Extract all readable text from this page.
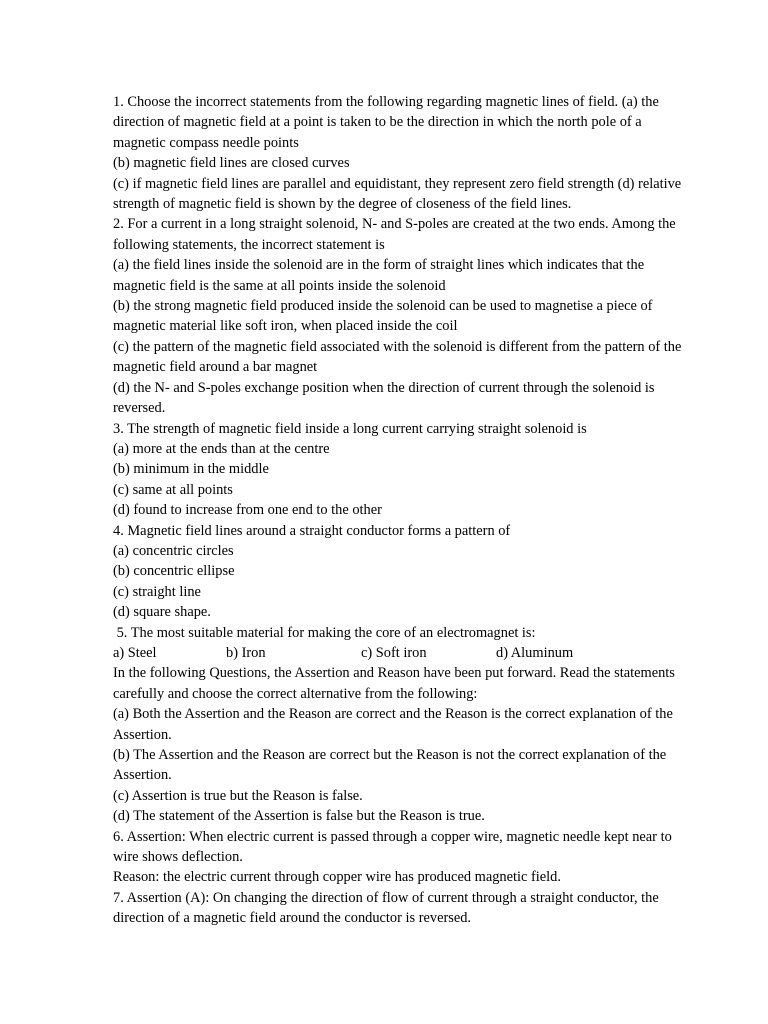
1. Choose the incorrect statements from the following regarding magnetic lines of field. (a) the direction of magnetic field at a point is taken to be the direction in which the north pole of a magnetic compass needle points

(b) magnetic field lines are closed curves

(c) if magnetic field lines are parallel and equidistant, they represent zero field strength (d) relative strength of magnetic field is shown by the degree of closeness of the field lines.

2. For a current in a long straight solenoid, N- and S-poles are created at the two ends. Among the following statements, the incorrect statement is

(a) the field lines inside the solenoid are in the form of straight lines which indicates that the magnetic field is the same at all points inside the solenoid

(b) the strong magnetic field produced inside the solenoid can be used to magnetise a piece of magnetic material like soft iron, when placed inside the coil

(c) the pattern of the magnetic field associated with the solenoid is different from the pattern of the magnetic field around a bar magnet

(d) the N- and S-poles exchange position when the direction of current through the solenoid is reversed.

3. The strength of magnetic field inside a long current carrying straight solenoid is

(a) more at the ends than at the centre

(b) minimum in the middle

(c) same at all points

(d) found to increase from one end to the other

4. Magnetic field lines around a straight conductor forms a pattern of

(a) concentric circles

(b) concentric ellipse

(c) straight line

(d) square shape.

5. The most suitable material for making the core of an electromagnet is:

a) Steel	b) Iron	c) Soft iron	d) Aluminum

In the following Questions, the Assertion and Reason have been put forward. Read the statements carefully and choose the correct alternative from the following:

(a) Both the Assertion and the Reason are correct and the Reason is the correct explanation of the Assertion.

(b) The Assertion and the Reason are correct but the Reason is not the correct explanation of the Assertion.

(c) Assertion is true but the Reason is false.

(d) The statement of the Assertion is false but the Reason is true.

6. Assertion: When electric current is passed through a copper wire, magnetic needle kept near to wire shows deflection.

Reason: the electric current through copper wire has produced magnetic field.

7. Assertion (A): On changing the direction of flow of current through a straight conductor, the direction of a magnetic field around the conductor is reversed.
